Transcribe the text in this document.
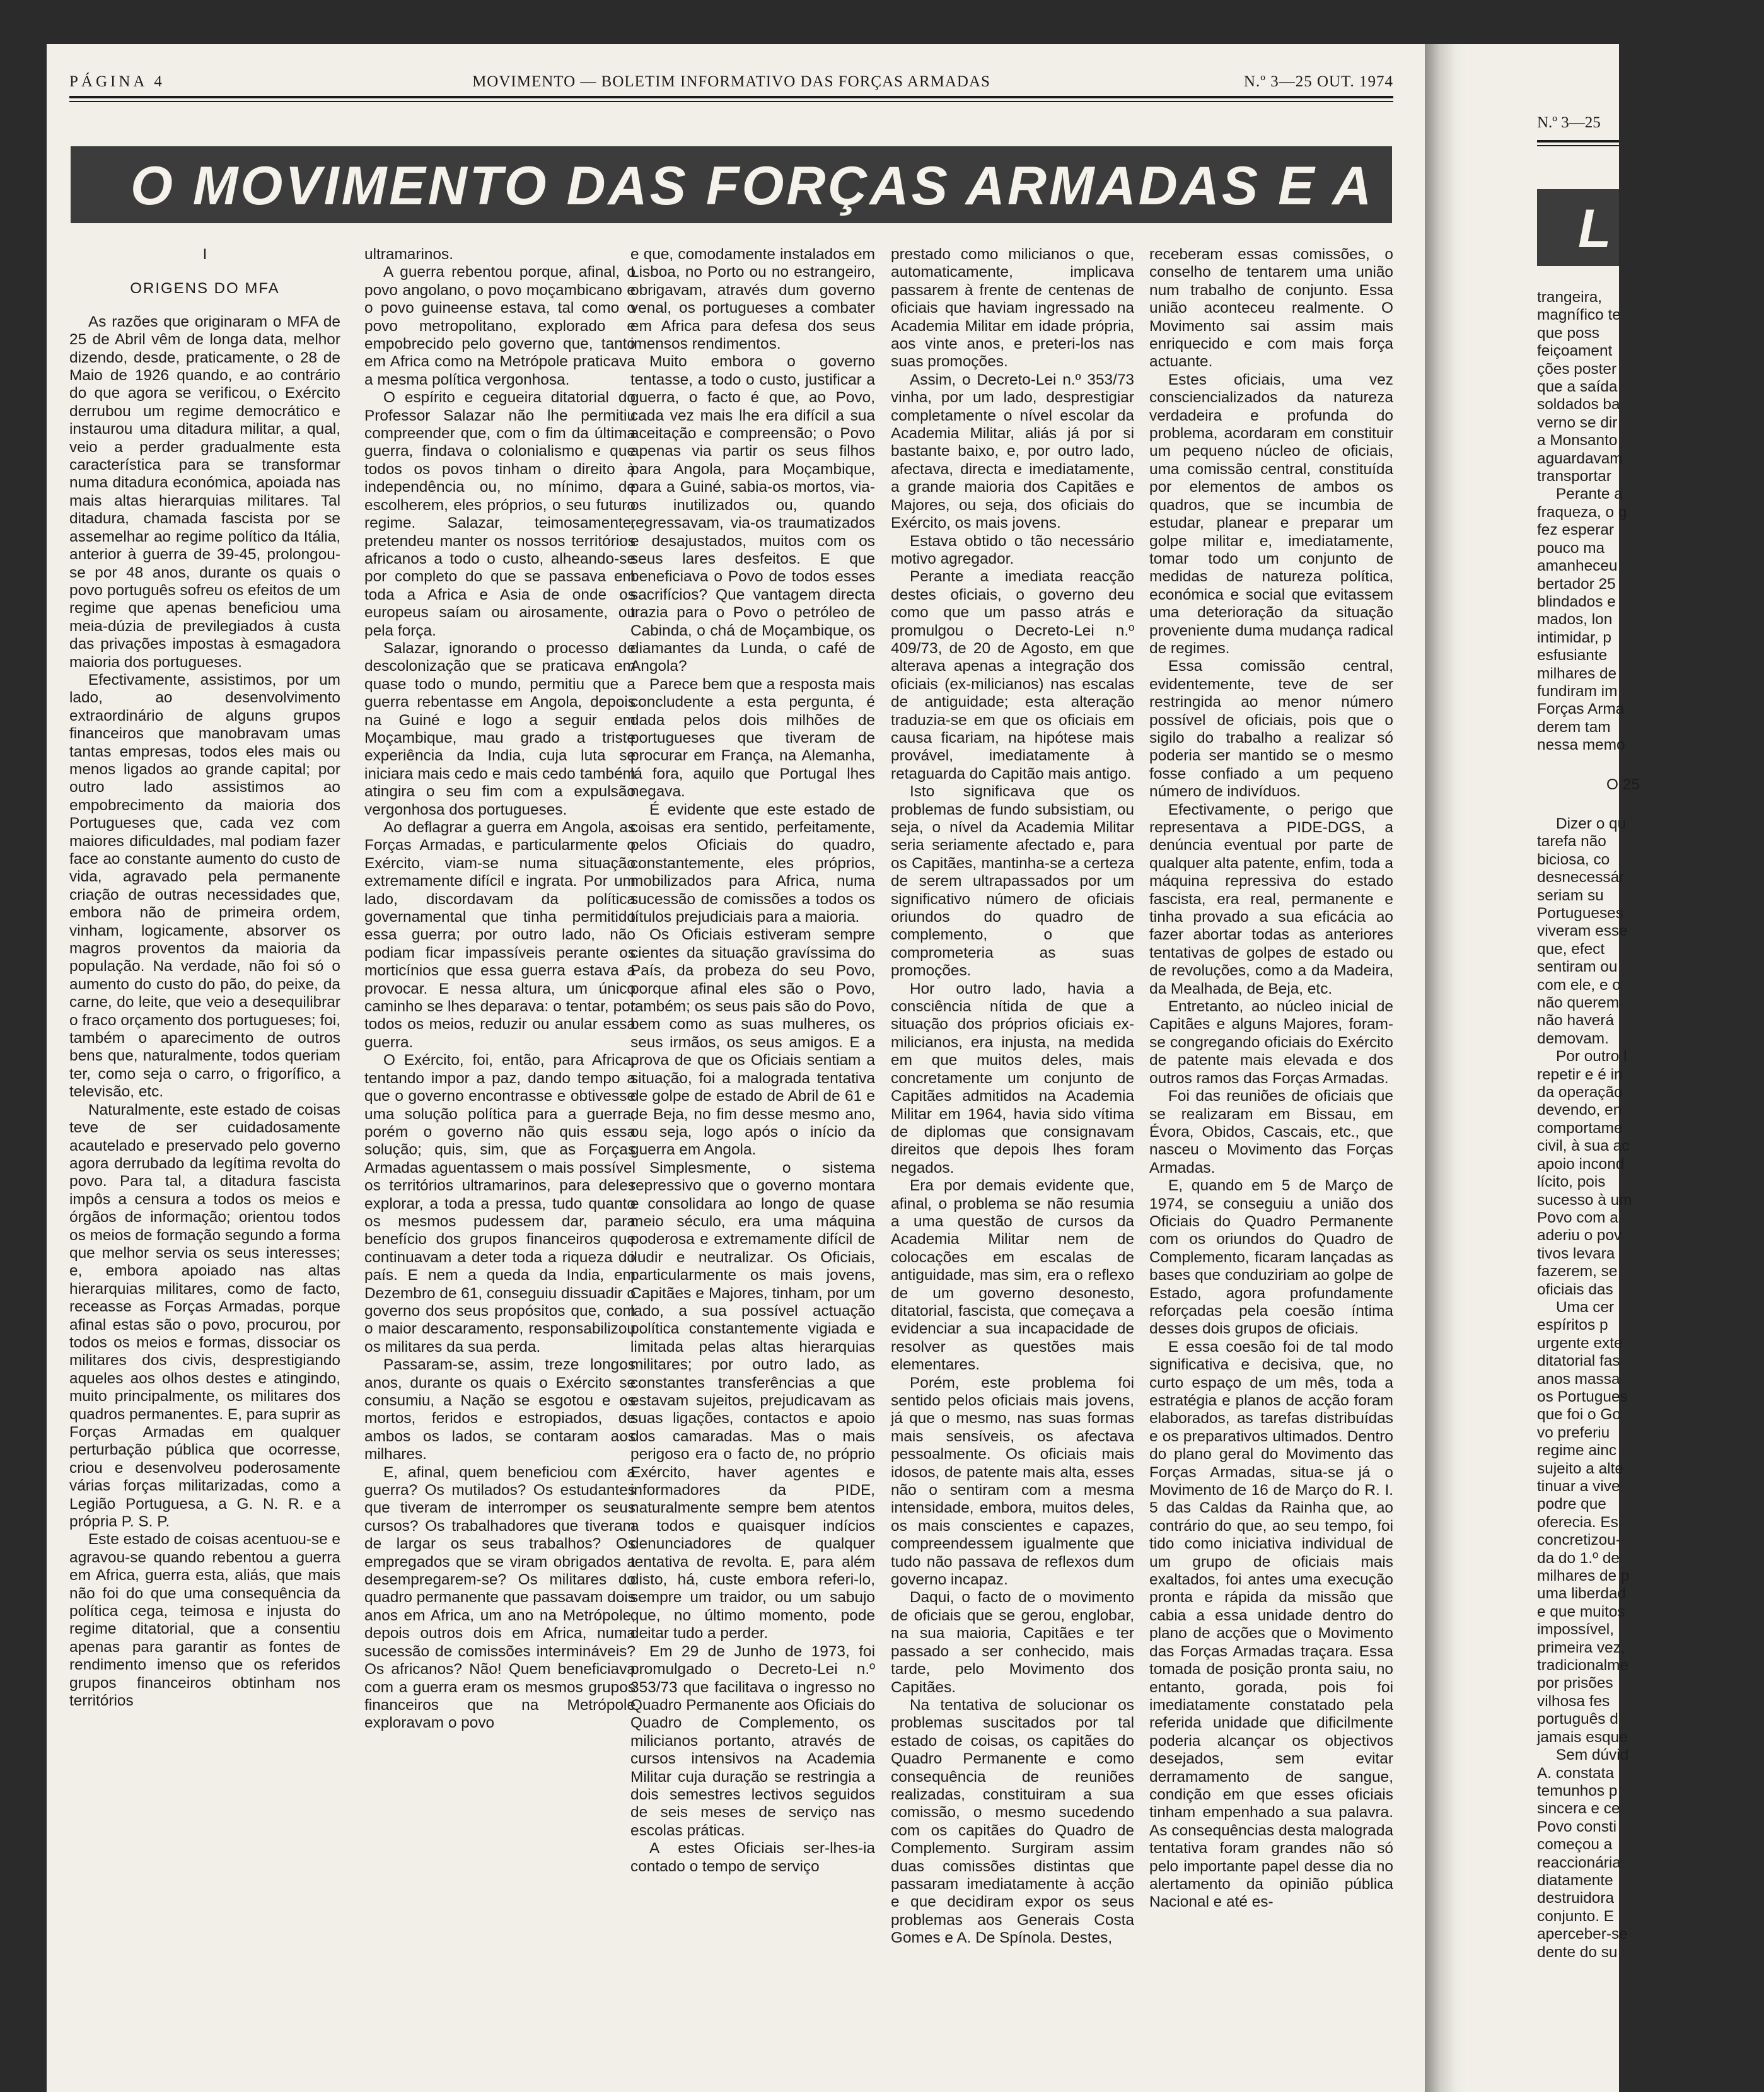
PÁGINA 4	MOVIMENTO — BOLETIM INFORMATIVO DAS FORÇAS ARMADAS	N.º 3—25 OUT. 1974
O MOVIMENTO DAS FORÇAS ARMADAS E A
I
ORIGENS DO MFA

As razões que originaram o MFA de 25 de Abril vêm de longa data, melhor dizendo, desde, praticamente, o 28 de Maio de 1926 quando, e ao contrário do que agora se verificou, o Exército derrubou um regime democrático e instaurou uma ditadura militar, a qual, veio a perder gradualmente esta característica para se transformar numa ditadura económica, apoiada nas mais altas hierarquias militares. Tal ditadura, chamada fascista por se assemelhar ao regime político da Itália, anterior à guerra de 39-45, prolongou-se por 48 anos, durante os quais o povo português sofreu os efeitos de um regime que apenas beneficiou uma meia-dúzia de previlegiados à custa das privações impostas à esmagadora maioria dos portugueses.

Efectivamente, assistimos, por um lado, ao desenvolvimento extraordinário de alguns grupos financeiros que manobravam umas tantas empresas, todos eles mais ou menos ligados ao grande capital; por outro lado assistimos ao empobrecimento da maioria dos Portugueses que, cada vez com maiores dificuldades, mal podiam fazer face ao constante aumento do custo de vida, agravado pela permanente criação de outras necessidades que, embora não de primeira ordem, vinham, logicamente, absorver os magros proventos da maioria da população. Na verdade, não foi só o aumento do custo do pão, do peixe, da carne, do leite, que veio a desequilibrar o fraco orçamento dos portugueses; foi, também o aparecimento de outros bens que, naturalmente, todos queriam ter, como seja o carro, o frigorífico, a televisão, etc.

Naturalmente, este estado de coisas teve de ser cuidadosamente acautelado e preservado pelo governo agora derrubado da legítima revolta do povo. Para tal, a ditadura fascista impôs a censura a todos os meios e órgãos de informação; orientou todos os meios de formação segundo a forma que melhor servia os seus interesses; e, embora apoiado nas altas hierarquias militares, como de facto, receasse as Forças Armadas, porque afinal estas são o povo, procurou, por todos os meios e formas, dissociar os militares dos civis, desprestigiando aqueles aos olhos destes e atingindo, muito principalmente, os militares dos quadros permanentes. E, para suprir as Forças Armadas em qualquer perturbação pública que ocorresse, criou e desenvolveu poderosamente várias forças militarizadas, como a Legião Portuguesa, a G. N. R. e a própria P. S. P.

Este estado de coisas acentuou-se e agravou-se quando rebentou a guerra em Africa, guerra esta, aliás, que mais não foi do que uma consequência da política cega, teimosa e injusta do regime ditatorial, que a consentiu apenas para garantir as fontes de rendimento imenso que os referidos grupos financeiros obtinham nos territórios

ultramarinos.

A guerra rebentou porque, afinal, o povo angolano, o povo moçambicano e o povo guineense estava, tal como o povo metropolitano, explorado e empobrecido pelo governo que, tanto em Africa como na Metrópole praticava a mesma política vergonhosa.

O espírito e cegueira ditatorial do Professor Salazar não lhe permitiu compreender que, com o fim da última guerra, findava o colonialismo e que todos os povos tinham o direito à independência ou, no mínimo, de escolherem, eles próprios, o seu futuro regime. Salazar, teimosamente, pretendeu manter os nossos territórios africanos a todo o custo, alheando-se por completo do que se passava em toda a Africa e Asia de onde os europeus saíam ou airosamente, ou pela força.

Salazar, ignorando o processo de descolonização que se praticava em quase todo o mundo, permitiu que a guerra rebentasse em Angola, depois na Guiné e logo a seguir em Moçambique, mau grado a triste experiência da India, cuja luta se iniciara mais cedo e mais cedo também atingira o seu fim com a expulsão vergonhosa dos portugueses.

Ao deflagrar a guerra em Angola, as Forças Armadas, e particularmente o Exército, viam-se numa situação extremamente difícil e ingrata. Por um lado, discordavam da política governamental que tinha permitido essa guerra; por outro lado, não podiam ficar impassíveis perante os morticínios que essa guerra estava a provocar. E nessa altura, um único caminho se lhes deparava: o tentar, por todos os meios, reduzir ou anular essa guerra.

O Exército, foi, então, para Africa, tentando impor a paz, dando tempo a que o governo encontrasse e obtivesse uma solução política para a guerra; porém o governo não quis essa solução; quis, sim, que as Forças Armadas aguentassem o mais possível os territórios ultramarinos, para deles explorar, a toda a pressa, tudo quanto os mesmos pudessem dar, para benefício dos grupos financeiros que continuavam a deter toda a riqueza do país. E nem a queda da India, em Dezembro de 61, conseguiu dissuadir o governo dos seus propósitos que, com o maior descaramento, responsabilizou os militares da sua perda.

Passaram-se, assim, treze longos anos, durante os quais o Exército se consumiu, a Nação se esgotou e os mortos, feridos e estropiados, de ambos os lados, se contaram aos milhares.

E, afinal, quem beneficiou com a guerra? Os mutilados? Os estudantes que tiveram de interromper os seus cursos? Os trabalhadores que tiveram de largar os seus trabalhos? Os empregados que se viram obrigados a desempregarem-se? Os militares do quadro permanente que passavam dois anos em Africa, um ano na Metrópole, depois outros dois em Africa, numa sucessão de comissões intermináveis? Os africanos? Não! Quem beneficiava com a guerra eram os mesmos grupos financeiros que na Metrópole exploravam o povo

e que, comodamente instalados em Lisboa, no Porto ou no estrangeiro, obrigavam, através dum governo venal, os portugueses a combater em Africa para defesa dos seus imensos rendimentos.

Muito embora o governo tentasse, a todo o custo, justificar a guerra, o facto é que, ao Povo, cada vez mais lhe era difícil a sua aceitação e compreensão; o Povo apenas via partir os seus filhos para Angola, para Moçambique, para a Guiné, sabia-os mortos, via-os inutilizados ou, quando regressavam, via-os traumatizados e desajustados, muitos com os seus lares desfeitos. E que beneficiava o Povo de todos esses sacrifícios? Que vantagem directa trazia para o Povo o petróleo de Cabinda, o chá de Moçambique, os diamantes da Lunda, o café de Angola?

Parece bem que a resposta mais concludente a esta pergunta, é dada pelos dois milhões de portugueses que tiveram de procurar em França, na Alemanha, lá fora, aquilo que Portugal lhes negava.

É evidente que este estado de coisas era sentido, perfeitamente, pelos Oficiais do quadro, constantemente, eles próprios, mobilizados para Africa, numa sucessão de comissões a todos os títulos prejudiciais para a maioria.

Os Oficiais estiveram sempre cientes da situação gravíssima do País, da probeza do seu Povo, porque afinal eles são o Povo, também; os seus pais são do Povo, bem como as suas mulheres, os seus irmãos, os seus amigos. E a prova de que os Oficiais sentiam a situação, foi a malograda tentativa de golpe de estado de Abril de 61 e de Beja, no fim desse mesmo ano, ou seja, logo após o início da guerra em Angola.

Simplesmente, o sistema repressivo que o governo montara e consolidara ao longo de quase meio século, era uma máquina poderosa e extremamente difícil de iludir e neutralizar. Os Oficiais, particularmente os mais jovens, Capitães e Majores, tinham, por um lado, a sua possível actuação política constantemente vigiada e limitada pelas altas hierarquias militares; por outro lado, as constantes transferências a que estavam sujeitos, prejudicavam as suas ligações, contactos e apoio dos camaradas. Mas o mais perigoso era o facto de, no próprio Exército, haver agentes e informadores da PIDE, naturalmente sempre bem atentos a todos e quaisquer indícios denunciadores de qualquer tentativa de revolta. E, para além disto, há, custe embora referi-lo, sempre um traidor, ou um sabujo que, no último momento, pode deitar tudo a perder.

Em 29 de Junho de 1973, foi promulgado o Decreto-Lei n.º 353/73 que facilitava o ingresso no Quadro Permanente aos Oficiais do Quadro de Complemento, os milicianos portanto, através de cursos intensivos na Academia Militar cuja duração se restringia a dois semestres lectivos seguidos de seis meses de serviço nas escolas práticas.

A estes Oficiais ser-lhes-ia contado o tempo de serviço

prestado como milicianos o que, automaticamente, implicava passarem à frente de centenas de oficiais que haviam ingressado na Academia Militar em idade própria, aos vinte anos, e preteri-los nas suas promoções.

Assim, o Decreto-Lei n.º 353/73 vinha, por um lado, desprestigiar completamente o nível escolar da Academia Militar, aliás já por si bastante baixo, e, por outro lado, afectava, directa e imediatamente, a grande maioria dos Capitães e Majores, ou seja, dos oficiais do Exército, os mais jovens.

Estava obtido o tão necessário motivo agregador.

Perante a imediata reacção destes oficiais, o governo deu como que um passo atrás e promulgou o Decreto-Lei n.º 409/73, de 20 de Agosto, em que alterava apenas a integração dos oficiais (ex-milicianos) nas escalas de antiguidade; esta alteração traduzia-se em que os oficiais em causa ficariam, na hipótese mais provável, imediatamente à retaguarda do Capitão mais antigo.

Isto significava que os problemas de fundo subsistiam, ou seja, o nível da Academia Militar seria seriamente afectado e, para os Capitães, mantinha-se a certeza de serem ultrapassados por um significativo número de oficiais oriundos do quadro de complemento, o que comprometeria as suas promoções.

Hor outro lado, havia a consciência nítida de que a situação dos próprios oficiais ex-milicianos, era injusta, na medida em que muitos deles, mais concretamente um conjunto de Capitães admitidos na Academia Militar em 1964, havia sido vítima de diplomas que consignavam direitos que depois lhes foram negados.

Era por demais evidente que, afinal, o problema se não resumia a uma questão de cursos da Academia Militar nem de colocações em escalas de antiguidade, mas sim, era o reflexo de um governo desonesto, ditatorial, fascista, que começava a evidenciar a sua incapacidade de resolver as questões mais elementares.

Porém, este problema foi sentido pelos oficiais mais jovens, já que o mesmo, nas suas formas mais sensíveis, os afectava pessoalmente. Os oficiais mais idosos, de patente mais alta, esses não o sentiram com a mesma intensidade, embora, muitos deles, os mais conscientes e capazes, compreendessem igualmente que tudo não passava de reflexos dum governo incapaz.

Daqui, o facto de o movimento de oficiais que se gerou, englobar, na sua maioria, Capitães e ter passado a ser conhecido, mais tarde, pelo Movimento dos Capitães.

Na tentativa de solucionar os problemas suscitados por tal estado de coisas, os capitães do Quadro Permanente e como consequência de reuniões realizadas, constituiram a sua comissão, o mesmo sucedendo com os capitães do Quadro de Complemento. Surgiram assim duas comissões distintas que passaram imediatamente à acção e que decidiram expor os seus problemas aos Generais Costa Gomes e A. De Spínola. Destes,

receberam essas comissões, o conselho de tentarem uma união num trabalho de conjunto. Essa união aconteceu realmente. O Movimento sai assim mais enriquecido e com mais força actuante.

Estes oficiais, uma vez consciencializados da natureza verdadeira e profunda do problema, acordaram em constituir um pequeno núcleo de oficiais, uma comissão central, constituída por elementos de ambos os quadros, que se incumbia de estudar, planear e preparar um golpe militar e, imediatamente, tomar todo um conjunto de medidas de natureza política, económica e social que evitassem uma deterioração da situação proveniente duma mudança radical de regimes.

Essa comissão central, evidentemente, teve de ser restringida ao menor número possível de oficiais, pois que o sigilo do trabalho a realizar só poderia ser mantido se o mesmo fosse confiado a um pequeno número de indivíduos.

Efectivamente, o perigo que representava a PIDE-DGS, a denúncia eventual por parte de qualquer alta patente, enfim, toda a máquina repressiva do estado fascista, era real, permanente e tinha provado a sua eficácia ao fazer abortar todas as anteriores tentativas de golpes de estado ou de revoluções, como a da Madeira, da Mealhada, de Beja, etc.

Entretanto, ao núcleo inicial de Capitães e alguns Majores, foram-se congregando oficiais do Exército de patente mais elevada e dos outros ramos das Forças Armadas.

Foi das reuniões de oficiais que se realizaram em Bissau, em Évora, Obidos, Cascais, etc., que nasceu o Movimento das Forças Armadas.

E, quando em 5 de Março de 1974, se conseguiu a união dos Oficiais do Quadro Permanente com os oriundos do Quadro de Complemento, ficaram lançadas as bases que conduziriam ao golpe de Estado, agora profundamente reforçadas pela coesão íntima desses dois grupos de oficiais.

E essa coesão foi de tal modo significativa e decisiva, que, no curto espaço de um mês, toda a estratégia e planos de acção foram elaborados, as tarefas distribuídas e os preparativos ultimados. Dentro do plano geral do Movimento das Forças Armadas, situa-se já o Movimento de 16 de Março do R. I. 5 das Caldas da Rainha que, ao contrário do que, ao seu tempo, foi tido como iniciativa individual de um grupo de oficiais mais exaltados, foi antes uma execução pronta e rápida da missão que cabia a essa unidade dentro do plano de acções que o Movimento das Forças Armadas traçara. Essa tomada de posição pronta saiu, no entanto, gorada, pois foi imediatamente constatado pela referida unidade que dificilmente poderia alcançar os objectivos desejados, sem evitar derramamento de sangue, condição em que esses oficiais tinham empenhado a sua palavra. As consequências desta malograda tentativa foram grandes não só pelo importante papel desse dia no alertamento da opinião pública Nacional e até es-

N.º 3—25
L

trangeira,

magnífico te

que poss

feiçoament

ções poster

que a saída

soldados ba

verno se dir

a Monsanto

aguardavam

transportar

Perante a

fraqueza, o g

fez esperar

pouco ma

amanheceu

bertador 25

blindados e

mados, lon

intimidar, p

esfusiante

milhares de

fundiram im

Forças Arma

derem tam

nessa memo

O 25

Dizer o qu

tarefa não

biciosa, co

desnecessár

seriam su

Portugueses

viveram esse

que, efect

sentiram ou

com ele, e o

não querem

não haverá

demovam.

Por outro l

repetir e é in

da operação

devendo, en

comportame

civil, à sua ac

apoio incond

lícito, pois

sucesso à um

Povo com a

aderiu o pov

tivos levara

fazerem, se

oficiais das

Uma cer

espíritos p

urgente exte

ditatorial fas

anos massa

os Portugues

que foi o Go

vo preferiu

regime ainc

sujeito a alte

tinuar a vive

podre que

oferecia. Es

concretizou-

da do 1.º de

milhares de p

uma liberdad

e que muitos

impossível,

primeira vez,

tradicionalme

por prisões

vilhosa fes

português d

jamais esque

Sem dúvid

A. constata

temunhos p

sincera e ce

Povo consti

começou a

reaccionária

diatamente

destruidora

conjunto. E

aperceber-se

dente do su
